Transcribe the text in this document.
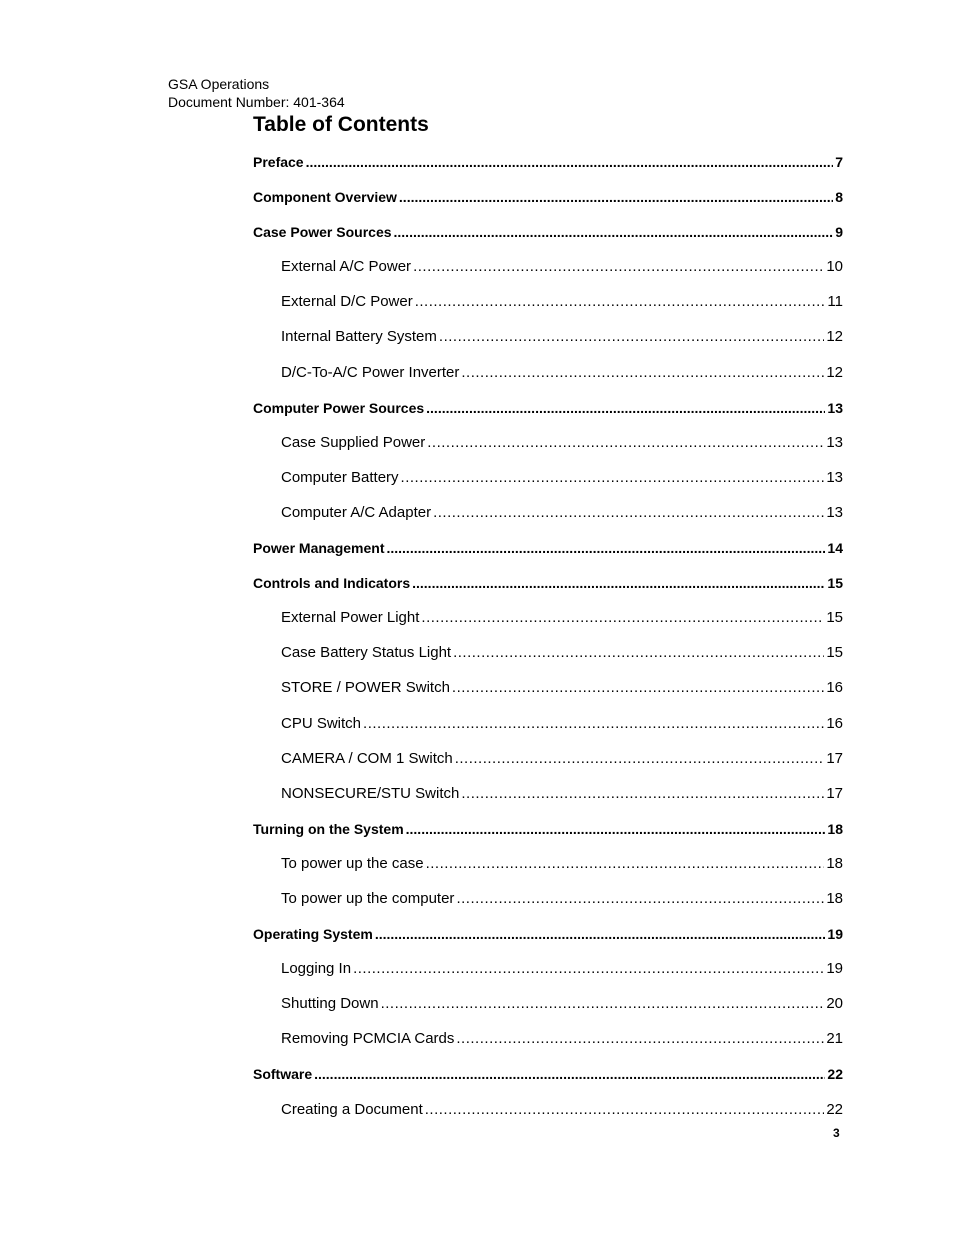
GSA Operations
Document Number: 401-364
Table of Contents
Preface .....	7
Component Overview .....	8
Case Power Sources .....	9
External A/C Power .....	10
External D/C Power .....	11
Internal Battery System .....	12
D/C-To-A/C Power Inverter .....	12
Computer Power Sources .....	13
Case Supplied Power .....	13
Computer Battery .....	13
Computer A/C Adapter .....	13
Power Management .....	14
Controls and Indicators .....	15
External Power Light .....	15
Case Battery Status Light .....	15
STORE / POWER Switch .....	16
CPU Switch .....	16
CAMERA / COM 1 Switch .....	17
NONSECURE/STU Switch .....	17
Turning on the System .....	18
To power up the case .....	18
To power up the computer .....	18
Operating System .....	19
Logging In .....	19
Shutting Down .....	20
Removing PCMCIA Cards .....	21
Software .....	22
Creating a Document .....	22
3
